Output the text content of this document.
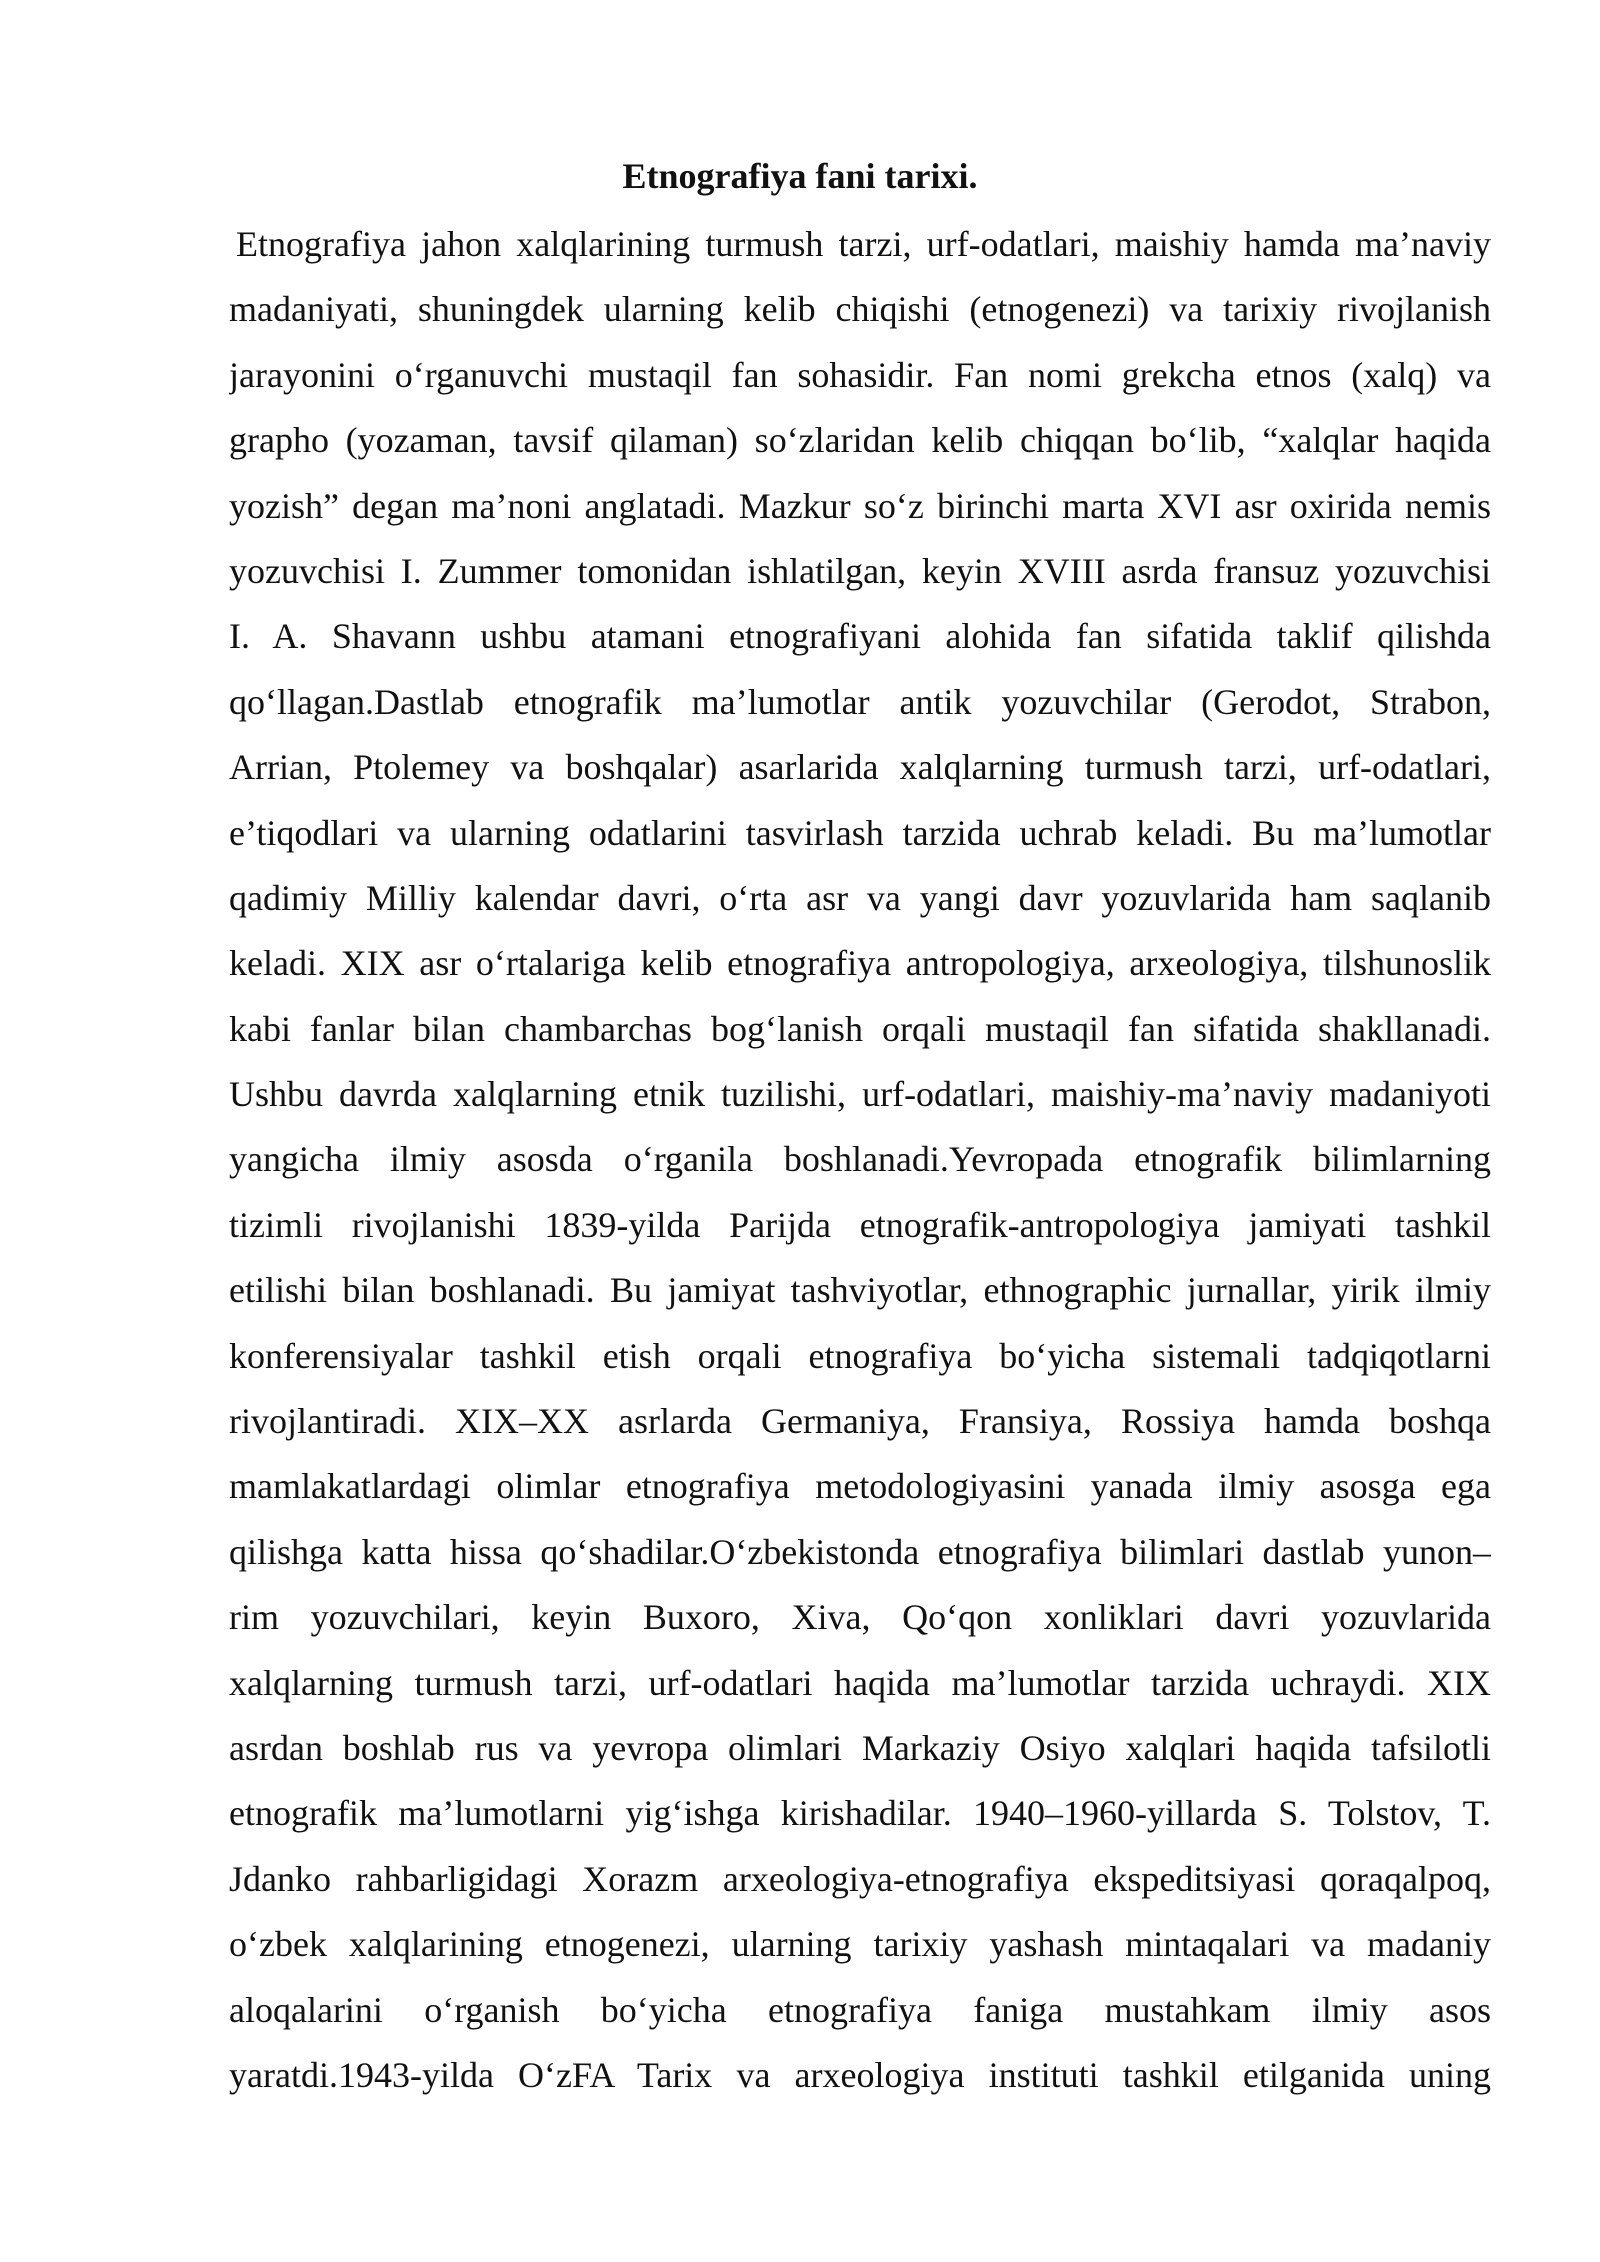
Etnografiya fani tarixi.
Etnografiya jahon xalqlarining turmush tarzi, urf-odatlari, maishiy hamda ma’naviy
madaniyati, shuningdek ularning kelib chiqishi (etnogenezi) va tarixiy rivojlanish
jarayonini o‘rganuvchi mustaqil fan sohasidir. Fan nomi grekcha etnos (xalq) va
grapho (yozaman, tavsif qilaman) so‘zlaridan kelib chiqqan bo‘lib, “xalqlar haqida
yozish” degan ma’noni anglatadi. Mazkur so‘z birinchi marta XVI asr oxirida nemis
yozuvchisi I. Zummer tomonidan ishlatilgan, keyin XVIII asrda fransuz yozuvchisi
I. A. Shavann ushbu atamani etnografiyani alohida fan sifatida taklif qilishda
qo‘llagan.Dastlab etnografik ma’lumotlar antik yozuvchilar (Gerodot, Strabon,
Arrian, Ptolemey va boshqalar) asarlarida xalqlarning turmush tarzi, urf-odatlari,
e’tiqodlari va ularning odatlarini tasvirlash tarzida uchrab keladi. Bu ma’lumotlar
qadimiy Milliy kalendar davri, o‘rta asr va yangi davr yozuvlarida ham saqlanib
keladi. XIX asr o‘rtalariga kelib etnografiya antropologiya, arxeologiya, tilshunoslik
kabi fanlar bilan chambarchas bog‘lanish orqali mustaqil fan sifatida shakllanadi.
Ushbu davrda xalqlarning etnik tuzilishi, urf-odatlari, maishiy-ma’naviy madaniyoti
yangicha ilmiy asosda o‘rganila boshlanadi.Yevropada etnografik bilimlarning
tizimli rivojlanishi 1839-yilda Parijda etnografik-antropologiya jamiyati tashkil
etilishi bilan boshlanadi. Bu jamiyat tashviyotlar, ethnographic jurnallar, yirik ilmiy
konferensiyalar tashkil etish orqali etnografiya bo‘yicha sistemali tadqiqotlarni
rivojlantiradi. XIX–XX asrlarda Germaniya, Fransiya, Rossiya hamda boshqa
mamlakatlardagi olimlar etnografiya metodologiyasini yanada ilmiy asosga ega
qilishga katta hissa qo‘shadilar.O‘zbekistonda etnografiya bilimlari dastlab yunon–
rim yozuvchilari, keyin Buxoro, Xiva, Qo‘qon xonliklari davri yozuvlarida
xalqlarning turmush tarzi, urf-odatlari haqida ma’lumotlar tarzida uchraydi. XIX
asrdan boshlab rus va yevropa olimlari Markaziy Osiyo xalqlari haqida tafsilotli
etnografik ma’lumotlarni yig‘ishga kirishadilar. 1940–1960-yillarda S. Tolstov, T.
Jdanko rahbarligidagi Xorazm arxeologiya-etnografiya ekspeditsiyasi qoraqalpoq,
o‘zbek xalqlarining etnogenezi, ularning tarixiy yashash mintaqalari va madaniy
aloqalarini o‘rganish bo‘yicha etnografiya faniga mustahkam ilmiy asos
yaratdi.1943-yilda O‘zFA Tarix va arxeologiya instituti tashkil etilganida uning
